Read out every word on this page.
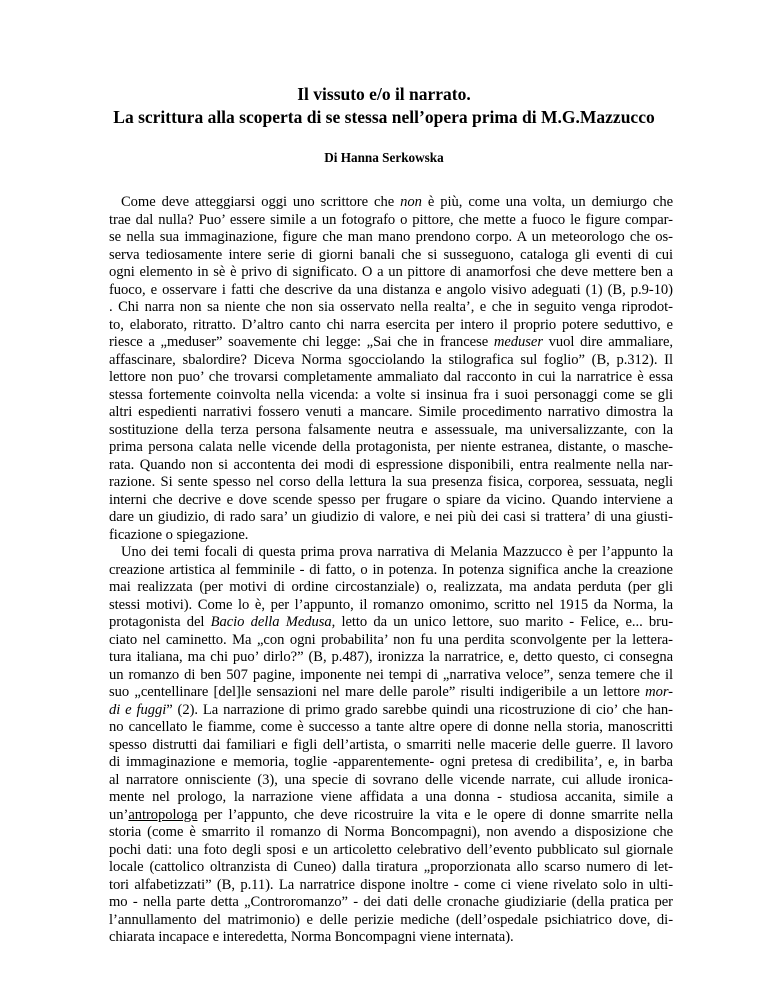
Il vissuto e/o il narrato.
La scrittura alla scoperta di se stessa nell’opera prima di M.G.Mazzucco
Di Hanna Serkowska
Come deve atteggiarsi oggi uno scrittore che non è più, come una volta, un demiurgo che
trae dal nulla? Puo’ essere simile a un fotografo o pittore, che mette a fuoco le figure compar-
se nella sua immaginazione, figure che man mano prendono corpo. A un meteorologo che os-
serva tediosamente intere serie di giorni banali che si susseguono, cataloga gli eventi di cui
ogni elemento in sè è privo di significato. O a un pittore di anamorfosi che deve mettere ben a
fuoco, e osservare i fatti che descrive da una distanza e angolo visivo adeguati (1) (B, p.9-10)
. Chi narra non sa niente che non sia osservato nella realta’, e che in seguito venga riprodot-
to, elaborato, ritratto. D’altro canto chi narra esercita per intero il proprio potere seduttivo, e
riesce a „meduser” soavemente chi legge: „Sai che in francese meduser vuol dire ammaliare,
affascinare, sbalordire? Diceva Norma sgocciolando la stilografica sul foglio” (B, p.312). Il
lettore non puo’ che trovarsi completamente ammaliato dal racconto in cui la narratrice è essa
stessa fortemente coinvolta nella vicenda: a volte si insinua fra i suoi personaggi come se gli
altri espedienti narrativi fossero venuti a mancare. Simile procedimento narrativo dimostra la
sostituzione della terza persona falsamente neutra e assessuale, ma universalizzante, con la
prima persona calata nelle vicende della protagonista, per niente estranea, distante, o masche-
rata. Quando non si accontenta dei modi di espressione disponibili, entra realmente nella nar-
razione. Si sente spesso nel corso della lettura la sua presenza fisica, corporea, sessuata, negli
interni che decrive e dove scende spesso per frugare o spiare da vicino. Quando interviene a
dare un giudizio, di rado sara’ un giudizio di valore, e nei più dei casi si trattera’ di una giusti-
ficazione o spiegazione.
Uno dei temi focali di questa prima prova narrativa di Melania Mazzucco è per l’appunto la
creazione artistica al femminile - di fatto, o in potenza. In potenza significa anche la creazione
mai realizzata (per motivi di ordine circostanziale) o, realizzata, ma andata perduta (per gli
stessi motivi). Come lo è, per l’appunto, il romanzo omonimo, scritto nel 1915 da Norma, la
protagonista del Bacio della Medusa, letto da un unico lettore, suo marito - Felice, e... bru-
ciato nel caminetto. Ma „con ogni probabilita’ non fu una perdita sconvolgente per la lettera-
tura italiana, ma chi puo’ dirlo?” (B, p.487), ironizza la narratrice, e, detto questo, ci consegna
un romanzo di ben 507 pagine, imponente nei tempi di „narrativa veloce”, senza temere che il
suo „centellinare [del]le sensazioni nel mare delle parole” risulti indigeribile a un lettore mor-
di e fuggi” (2). La narrazione di primo grado sarebbe quindi una ricostruzione di cio’ che han-
no cancellato le fiamme, come è successo a tante altre opere di donne nella storia, manoscritti
spesso distrutti dai familiari e figli dell’artista, o smarriti nelle macerie delle guerre. Il lavoro
di immaginazione e memoria, toglie -apparentemente- ogni pretesa di credibilita’, e, in barba
al narratore onnisciente (3), una specie di sovrano delle vicende narrate, cui allude ironica-
mente nel prologo, la narrazione viene affidata a una donna - studiosa accanita, simile a
un’antropologa per l’appunto, che deve ricostruire la vita e le opere di donne smarrite nella
storia (come è smarrito il romanzo di Norma Boncompagni), non avendo a disposizione che
pochi dati: una foto degli sposi e un articoletto celebrativo dell’evento pubblicato sul giornale
locale (cattolico oltranzista di Cuneo) dalla tiratura „proporzionata allo scarso numero di let-
tori alfabetizzati” (B, p.11). La narratrice dispone inoltre - come ci viene rivelato solo in ulti-
mo - nella parte detta „Controromanzo” - dei dati delle cronache giudiziarie (della pratica per
l’annullamento del matrimonio) e delle perizie mediche (dell’ospedale psichiatrico dove, di-
chiarata incapace e interedetta, Norma Boncompagni viene internata).
